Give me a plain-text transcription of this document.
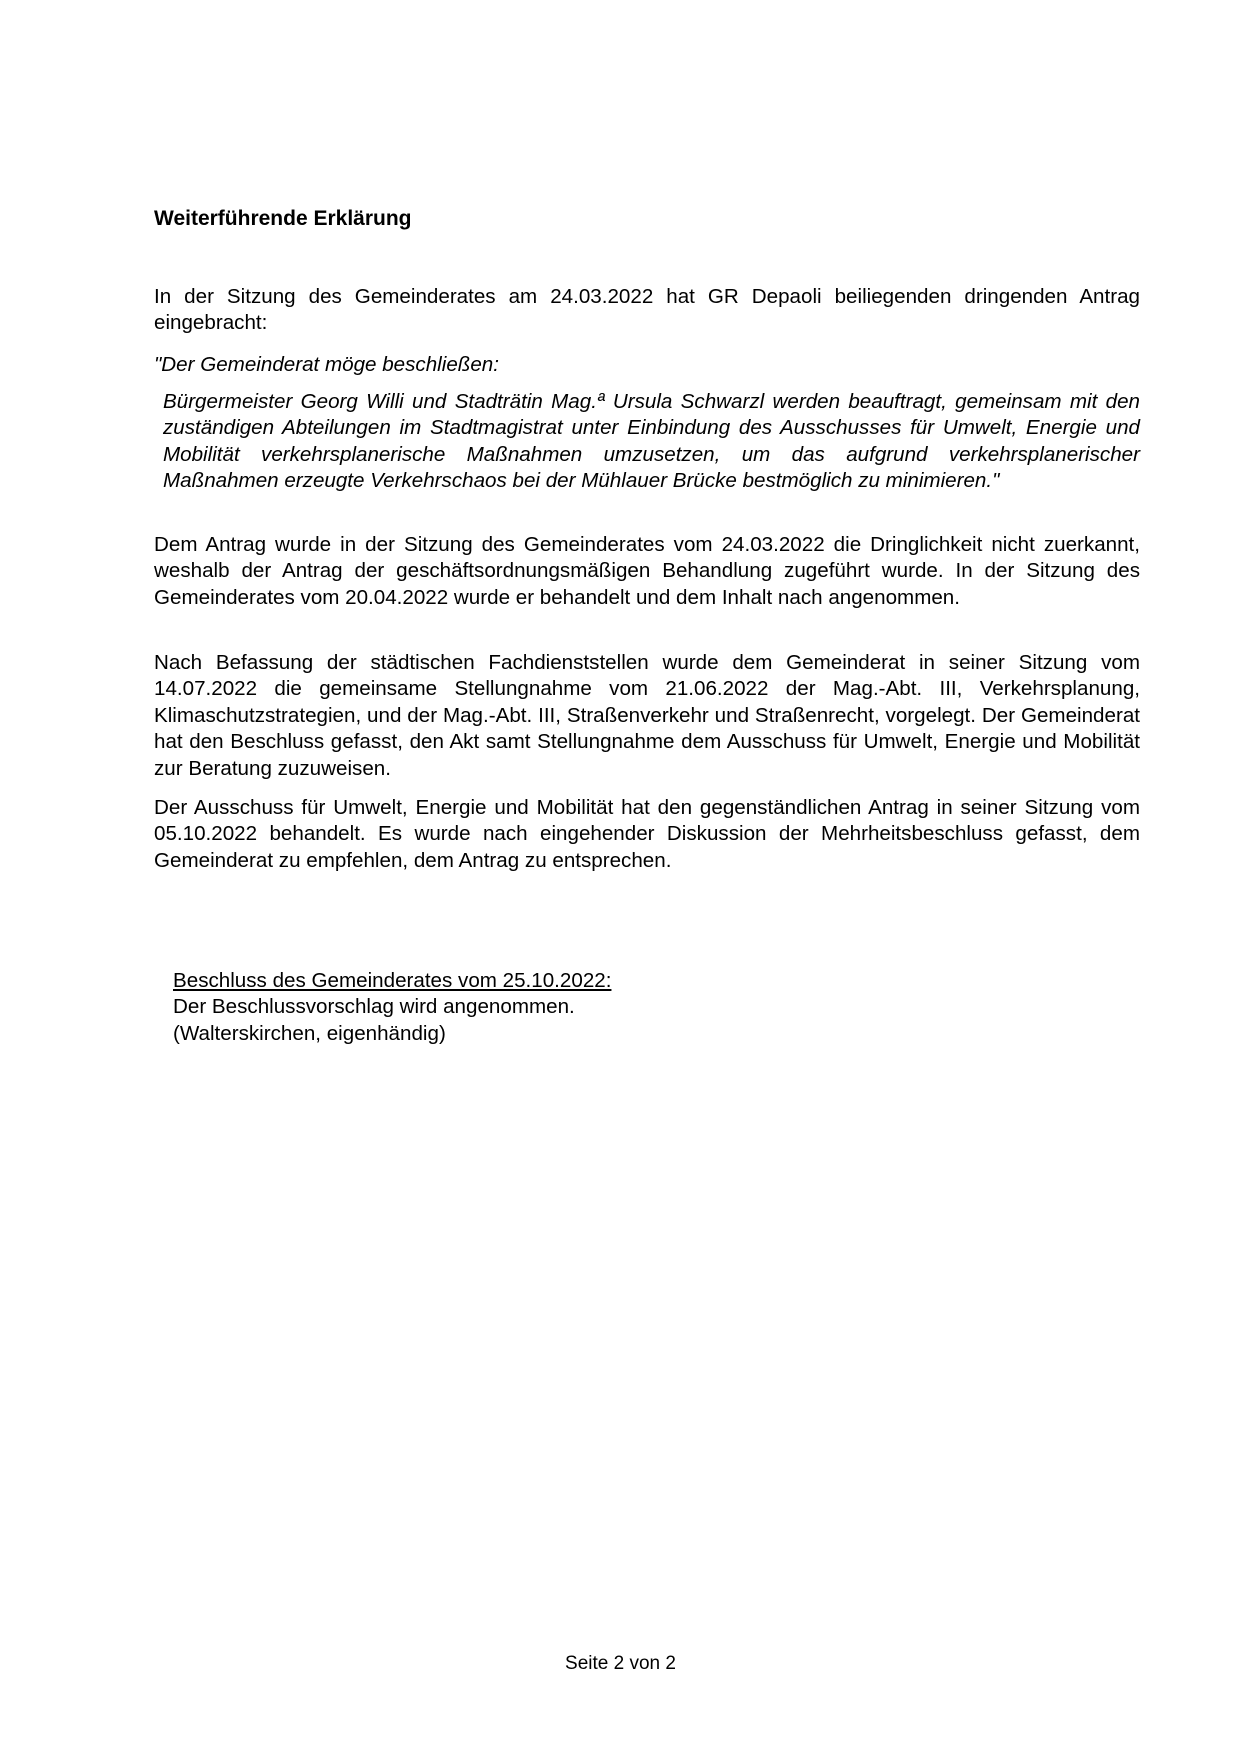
Weiterführende Erklärung

In der Sitzung des Gemeinderates am 24.03.2022 hat GR Depaoli beiliegenden dringenden Antrag eingebracht:

"Der Gemeinderat möge beschließen:

Bürgermeister Georg Willi und Stadträtin Mag.ª Ursula Schwarzl werden beauftragt, gemeinsam mit den zuständigen Abteilungen im Stadtmagistrat unter Einbindung des Ausschusses für Umwelt, Energie und Mobilität verkehrsplanerische Maßnahmen umzusetzen, um das aufgrund verkehrsplanerischer Maßnahmen erzeugte Verkehrschaos bei der Mühlauer Brücke bestmöglich zu minimieren."

Dem Antrag wurde in der Sitzung des Gemeinderates vom 24.03.2022 die Dringlichkeit nicht zuerkannt, weshalb der Antrag der geschäftsordnungsmäßigen Behandlung zugeführt wurde. In der Sitzung des Gemeinderates vom 20.04.2022 wurde er behandelt und dem Inhalt nach angenommen.

Nach Befassung der städtischen Fachdienststellen wurde dem Gemeinderat in seiner Sitzung vom 14.07.2022 die gemeinsame Stellungnahme vom 21.06.2022 der Mag.-Abt. III, Verkehrsplanung, Klimaschutzstrategien, und der Mag.-Abt. III, Straßenverkehr und Straßenrecht, vorgelegt. Der Gemeinderat hat den Beschluss gefasst, den Akt samt Stellungnahme dem Ausschuss für Umwelt, Energie und Mobilität zur Beratung zuzuweisen.

Der Ausschuss für Umwelt, Energie und Mobilität hat den gegenständlichen Antrag in seiner Sitzung vom 05.10.2022 behandelt. Es wurde nach eingehender Diskussion der Mehrheitsbeschluss gefasst, dem Gemeinderat zu empfehlen, dem Antrag zu entsprechen.

Beschluss des Gemeinderates vom 25.10.2022:
Der Beschlussvorschlag wird angenommen.
(Walterskirchen, eigenhändig)

Seite 2 von 2
